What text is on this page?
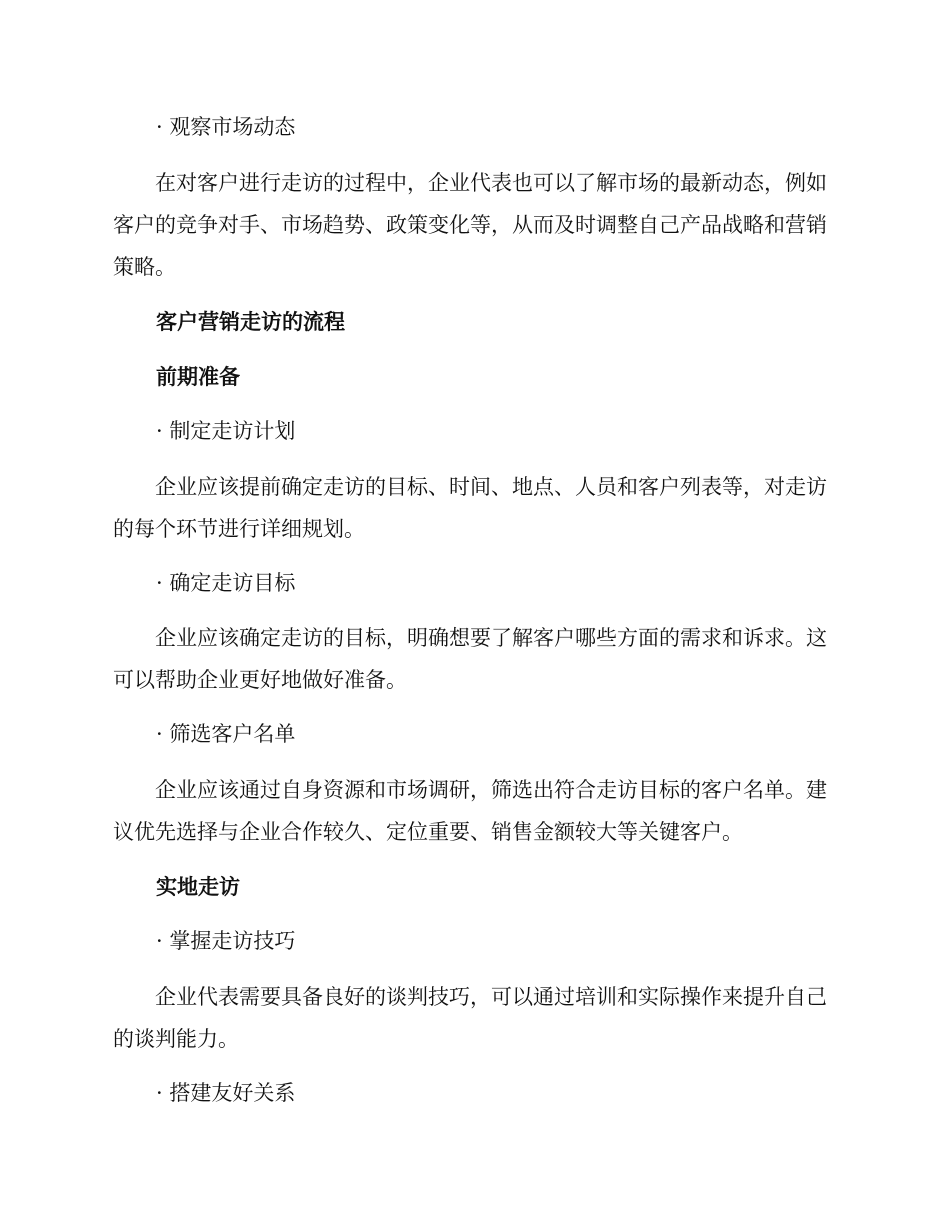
· 观察市场动态
在对客户进行走访的过程中，企业代表也可以了解市场的最新动态，例如客户的竞争对手、市场趋势、政策变化等，从而及时调整自己产品战略和营销策略。
客户营销走访的流程
前期准备
· 制定走访计划
企业应该提前确定走访的目标、时间、地点、人员和客户列表等，对走访的每个环节进行详细规划。
· 确定走访目标
企业应该确定走访的目标，明确想要了解客户哪些方面的需求和诉求。这可以帮助企业更好地做好准备。
· 筛选客户名单
企业应该通过自身资源和市场调研，筛选出符合走访目标的客户名单。建议优先选择与企业合作较久、定位重要、销售金额较大等关键客户。
实地走访
· 掌握走访技巧
企业代表需要具备良好的谈判技巧，可以通过培训和实际操作来提升自己的谈判能力。
· 搭建友好关系
